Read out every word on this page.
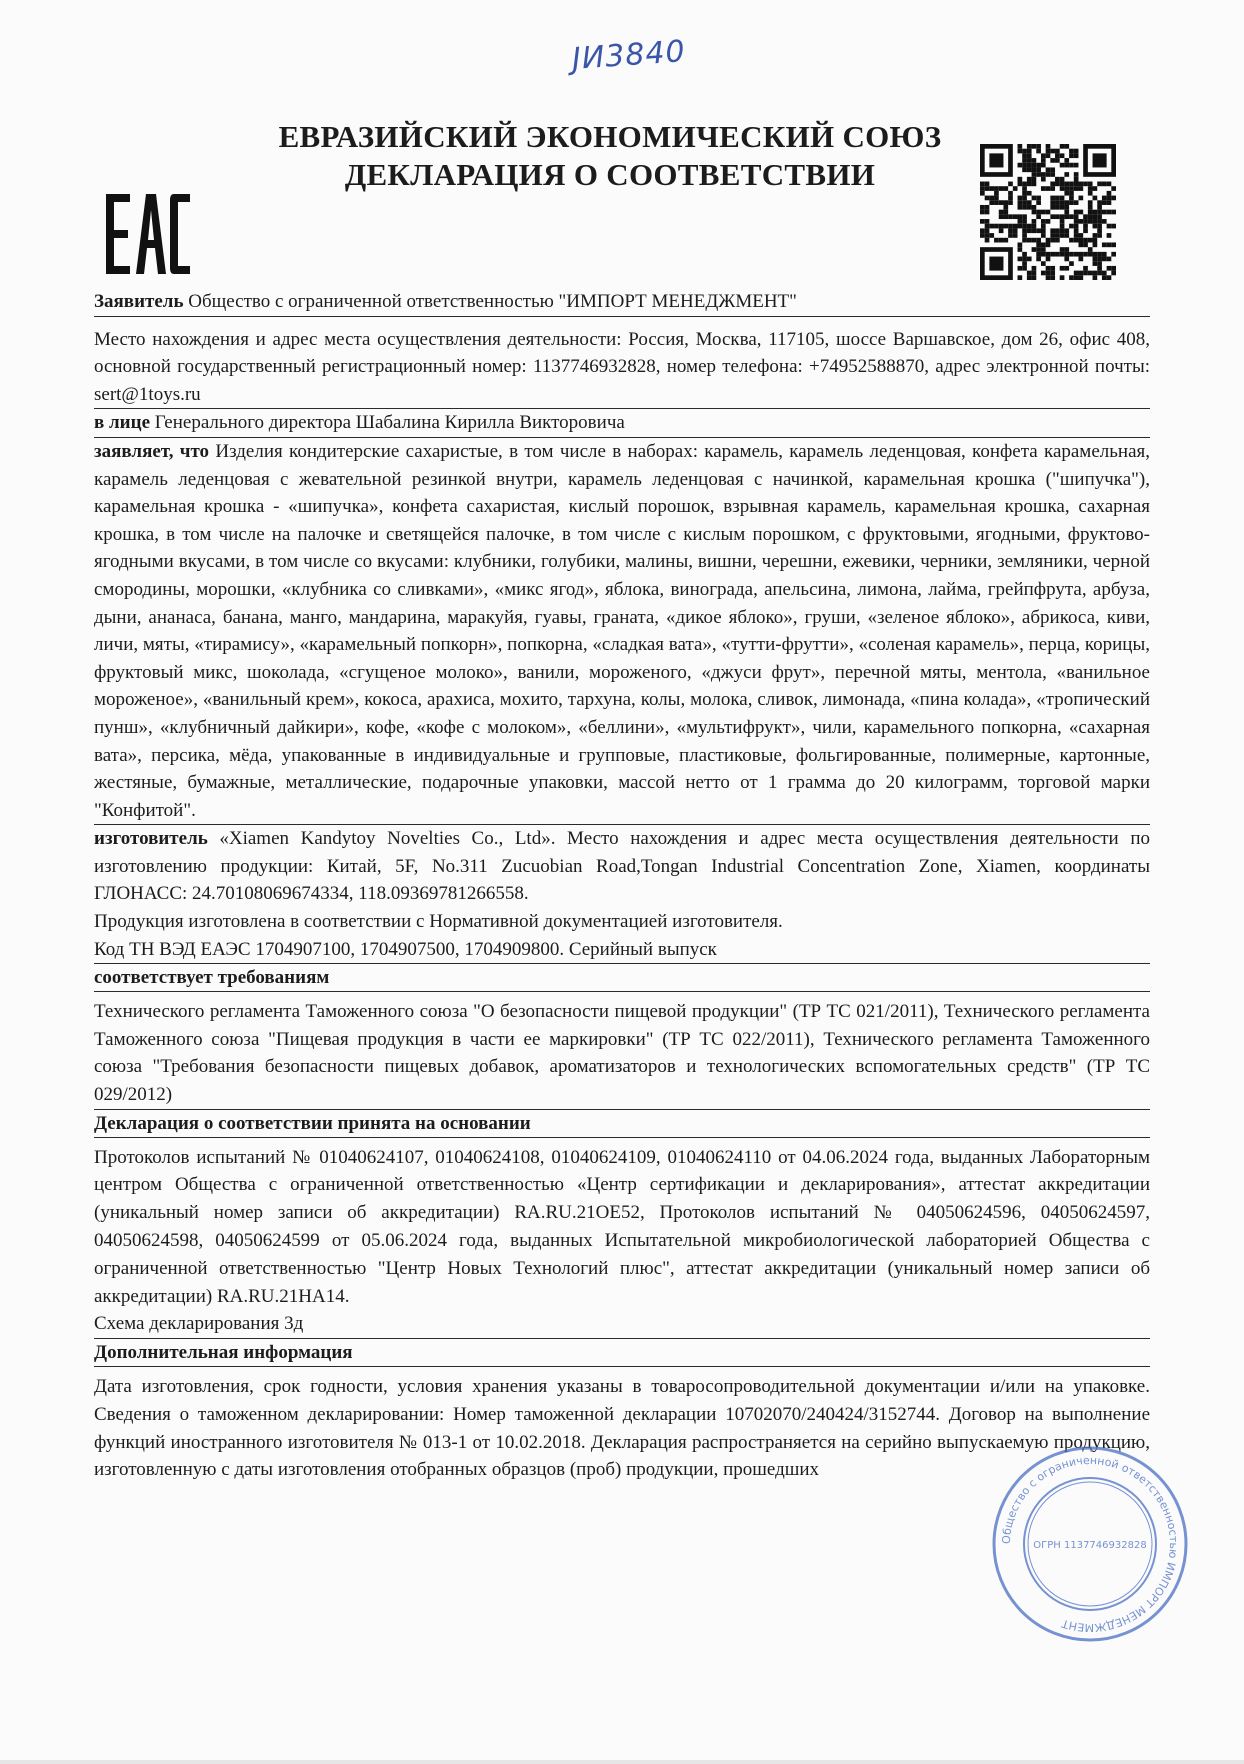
JИ3840
ЕВРАЗИЙСКИЙ ЭКОНОМИЧЕСКИЙ СОЮЗ
ДЕКЛАРАЦИЯ О СООТВЕТСТВИИ
Заявитель Общество с ограниченной ответственностью "ИМПОРТ МЕНЕДЖМЕНТ"
Место нахождения и адрес места осуществления деятельности: Россия, Москва, 117105, шоссе Варшавское, дом 26, офис 408, основной государственный регистрационный номер: 1137746932828, номер телефона: +74952588870, адрес электронной почты: sert@1toys.ru
в лице Генерального директора Шабалина Кирилла Викторовича
заявляет, что Изделия кондитерские сахаристые, в том числе в наборах: карамель, карамель леденцовая, конфета карамельная, карамель леденцовая с жевательной резинкой внутри, карамель леденцовая с начинкой, карамельная крошка ("шипучка"), карамельная крошка - «шипучка», конфета сахаристая, кислый порошок, взрывная карамель, карамельная крошка, сахарная крошка, в том числе на палочке и светящейся палочке, в том числе с кислым порошком, с фруктовыми, ягодными, фруктово-ягодными вкусами, в том числе со вкусами: клубники, голубики, малины, вишни, черешни, ежевики, черники, земляники, черной смородины, морошки, «клубника со сливками», «микс ягод», яблока, винограда, апельсина, лимона, лайма, грейпфрута, арбуза, дыни, ананаса, банана, манго, мандарина, маракуйя, гуавы, граната, «дикое яблоко», груши, «зеленое яблоко», абрикоса, киви, личи, мяты, «тирамису», «карамельный попкорн», попкорна, «сладкая вата», «тутти-фрутти», «соленая карамель», перца, корицы, фруктовый микс, шоколада, «сгущеное молоко», ванили, мороженого, «джуси фрут», перечной мяты, ментола, «ванильное мороженое», «ванильный крем», кокоса, арахиса, мохито, тархуна, колы, молока, сливок, лимонада, «пина колада», «тропический пунш», «клубничный дайкири», кофе, «кофе с молоком», «беллини», «мультифрукт», чили, карамельного попкорна, «сахарная вата», персика, мёда, упакованные в индивидуальные и групповые, пластиковые, фольгированные, полимерные, картонные, жестяные, бумажные, металлические, подарочные упаковки, массой нетто от 1 грамма до 20 килограмм, торговой марки "Конфитой".
изготовитель «Xiamen Kandytoy Novelties Co., Ltd». Место нахождения и адрес места осуществления деятельности по изготовлению продукции: Китай, 5F, No.311 Zucuobian Road,Tongan Industrial Concentration Zone, Xiamen, координаты ГЛОНАСС: 24.70108069674334, 118.09369781266558.
Продукция изготовлена в соответствии с Нормативной документацией изготовителя.
Код ТН ВЭД ЕАЭС 1704907100, 1704907500, 1704909800. Серийный выпуск
соответствует требованиям
Технического регламента Таможенного союза "О безопасности пищевой продукции" (ТР ТС 021/2011), Технического регламента Таможенного союза "Пищевая продукция в части ее маркировки" (ТР ТС 022/2011), Технического регламента Таможенного союза "Требования безопасности пищевых добавок, ароматизаторов и технологических вспомогательных средств" (ТР ТС 029/2012)
Декларация о соответствии принята на основании
Протоколов испытаний № 01040624107, 01040624108, 01040624109, 01040624110 от 04.06.2024 года, выданных Лабораторным центром Общества с ограниченной ответственностью «Центр сертификации и декларирования», аттестат аккредитации (уникальный номер записи об аккредитации) RA.RU.21ОЕ52, Протоколов испытаний № 04050624596, 04050624597, 04050624598, 04050624599 от 05.06.2024 года, выданных Испытательной микробиологической лабораторией Общества с ограниченной ответственностью "Центр Новых Технологий плюс", аттестат аккредитации (уникальный номер записи об аккредитации) RA.RU.21НА14.
Схема декларирования 3д
Дополнительная информация
Дата изготовления, срок годности, условия хранения указаны в товаросопроводительной документации и/или на упаковке. Сведения о таможенном декларировании: Номер таможенной декларации 10702070/240424/3152744. Договор на выполнение функций иностранного изготовителя № 013-1 от 10.02.2018. Декларация распространяется на серийно выпускаемую продукцию, изготовленную с даты изготовления отобранных образцов (проб) продукции, прошедших
Общество с ограниченной ответственностью ИМПОРТ МЕНЕДЖМЕНТ
ОГРН 1137746932828
